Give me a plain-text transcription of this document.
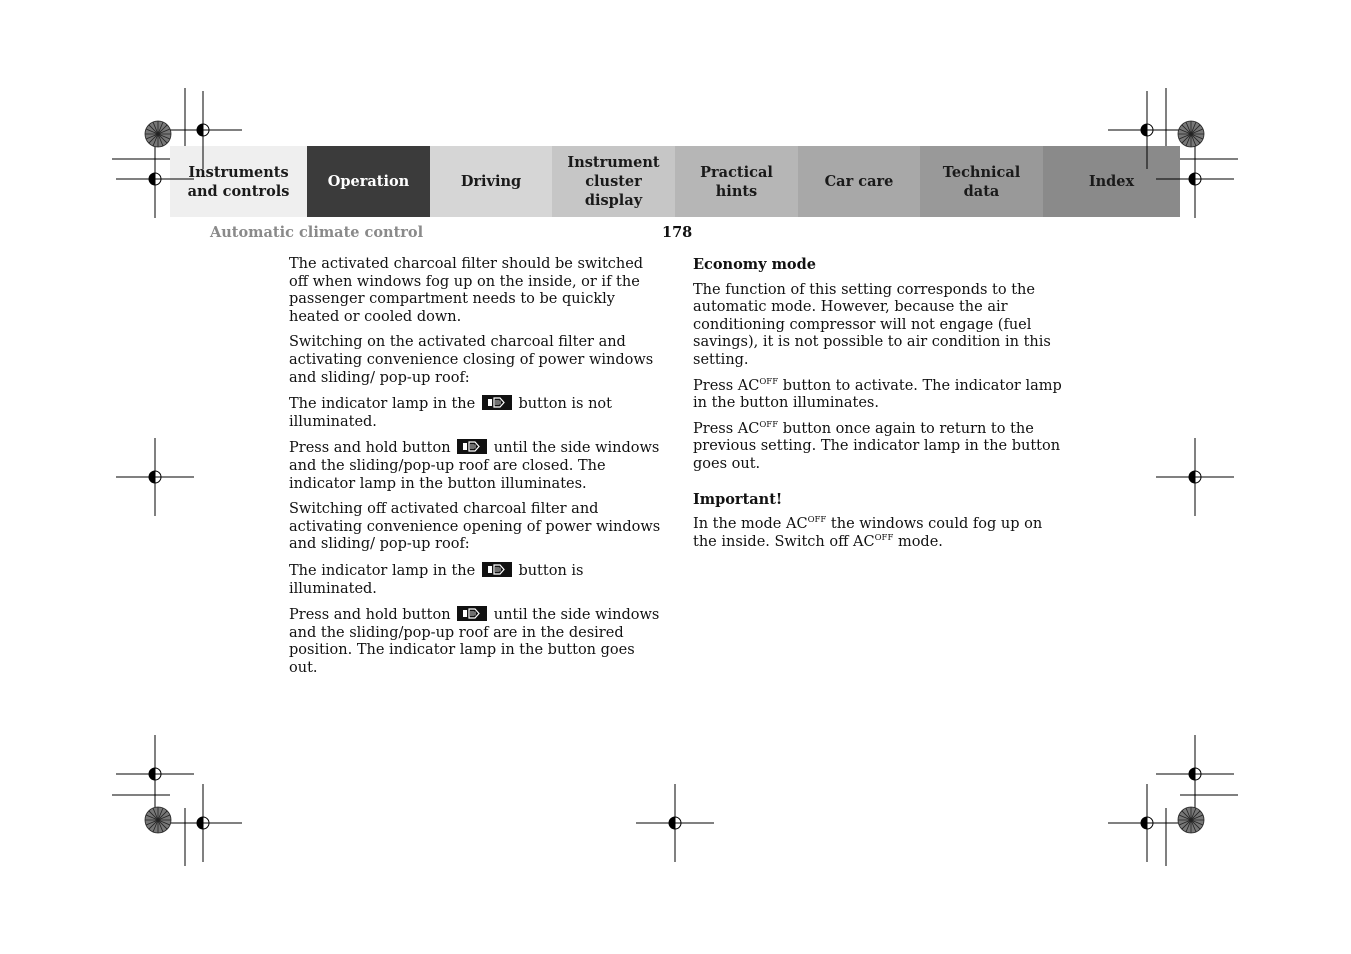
Instruments and controls
Operation	Driving
Instrument cluster display
Practical hints
Car care
Technical data
Index
Automatic climate control	178

The activated charcoal filter should be switched off when windows fog up on the inside, or if the passenger compartment needs to be quickly heated or cooled down.

Switching on the activated charcoal filter and activating convenience closing of power windows and sliding/ pop-up roof:

The indicator lamp in the	button is not illuminated.

Press and hold button	until the side windows and the sliding/pop-up roof are closed. The indicator lamp in the button illuminates.

Switching off activated charcoal filter and activating convenience opening of power windows and sliding/ pop-up roof:

The indicator lamp in the	button is illuminated.

Press and hold button	until the side windows and the sliding/pop-up roof are in the desired position. The indicator lamp in the button goes out.

Economy mode

The function of this setting corresponds to the automatic mode. However, because the air conditioning compressor will not engage (fuel savings), it is not possible to air condition in this setting.

Press $AC^{OFF}$ button to activate. The indicator lamp in the button illuminates.

Press $AC^{OFF}$ button once again to return to the previous setting. The indicator lamp in the button goes out.

Important!

In the mode $AC^{OFF}$ the windows could fog up on the inside. Switch off $AC^{OFF}$ mode.
